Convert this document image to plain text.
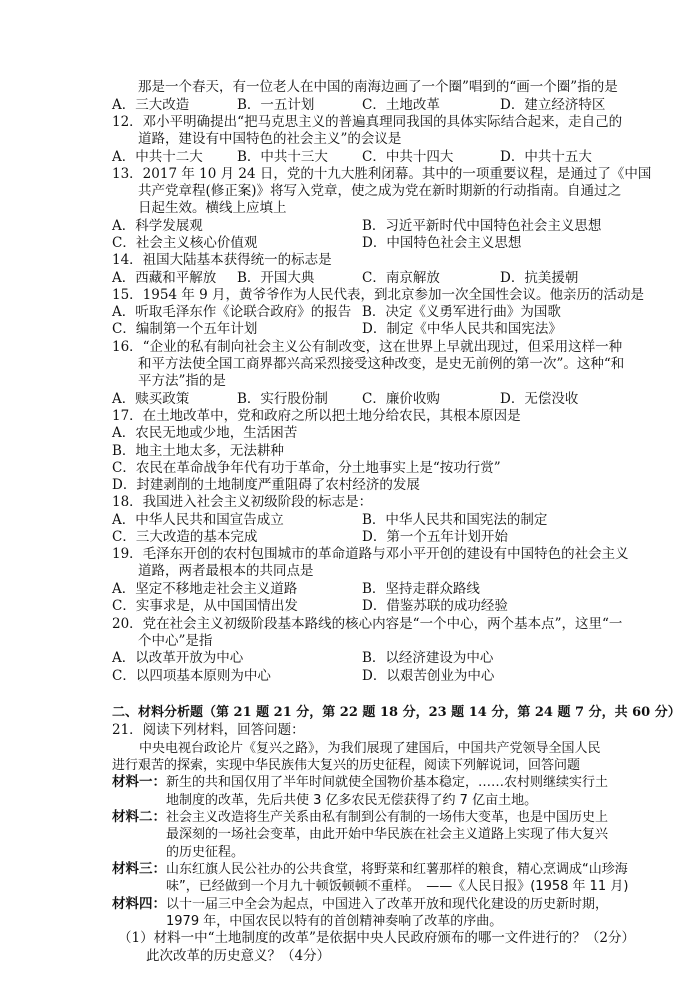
那是一个春天，有一位老人在中国的南海边画了一个圈”唱到的“画一个圈”指的是
A．三大改造	B．一五计划	C．土地改革	D．建立经济特区
12．邓小平明确提出“把马克思主义的普遍真理同我国的具体实际结合起来，走自己的
道路，建设有中国特色的社会主义”的会议是
A．中共十二大	B．中共十三大	C．中共十四大	D．中共十五大
13．2017 年 10 月 24 日，党的十九大胜利闭幕。其中的一项重要议程，是通过了《中国
共产党章程(修正案)》将写入党章，使之成为党在新时期新的行动指南。自通过之
日起生效。横线上应填上
A．科学发展观	B．习近平新时代中国特色社会主义思想
C．社会主义核心价值观	D．中国特色社会主义思想
14．祖国大陆基本获得统一的标志是
A．西藏和平解放 B．开国大典	C．南京解放	D．抗美援朝
15．1954 年 9 月，黄爷爷作为人民代表，到北京参加一次全国性会议。他亲历的活动是
A．听取毛泽东作《论联合政府》的报告 B．决定《义勇军进行曲》为国歌
C．编制第一个五年计划	D．制定《中华人民共和国宪法》
16．“企业的私有制向社会主义公有制改变，这在世界上早就出现过，但采用这样一种
和平方法使全国工商界都兴高采烈接受这种改变，是史无前例的第一次”。这种“和
平方法”指的是
A．赎买政策	B．实行股份制	C．廉价收购	D．无偿没收
17．在土地改革中，党和政府之所以把土地分给农民，其根本原因是
A．农民无地或少地，生活困苦
B．地主土地太多，无法耕种
C．农民在革命战争年代有功于革命，分土地事实上是“按功行赏”
D．封建剥削的土地制度严重阻碍了农村经济的发展
18．我国进入社会主义初级阶段的标志是：
A．中华人民共和国宣告成立	B．中华人民共和国宪法的制定
C．三大改造的基本完成	D．第一个五年计划开始
19．毛泽东开创的农村包围城市的革命道路与邓小平开创的建设有中国特色的社会主义
道路，两者最根本的共同点是
A．坚定不移地走社会主义道路	B．坚持走群众路线
C．实事求是，从中国国情出发	D．借鉴苏联的成功经验
20．党在社会主义初级阶段基本路线的核心内容是“一个中心，两个基本点”，这里“一
个中心”是指
A．以改革开放为中心	B．以经济建设为中心
C．以四项基本原则为中心	D．以艰苦创业为中心
二、材料分析题（第 21 题 21 分，第 22 题 18 分，23 题 14 分，第 24 题 7 分，共 60 分）
21．阅读下列材料，回答问题：
中央电视台政论片《复兴之路》，为我们展现了建国后，中国共产党领导全国人民
进行艰苦的探索，实现中华民族伟大复兴的历史征程，阅读下列解说词，回答问题
材料一： 新生的共和国仅用了半年时间就使全国物价基本稳定，……农村则继续实行土
地制度的改革，先后共使 3 亿多农民无偿获得了约 7 亿亩土地。
材料二： 社会主义改造将生产关系由私有制到公有制的一场伟大变革，也是中国历史上
最深刻的一场社会变革，由此开始中华民族在社会主义道路上实现了伟大复兴
的历史征程。
材料三： 山东红旗人民公社办的公共食堂，将野菜和红薯那样的粮食，精心烹调成“山珍海
味”，已经做到一个月九十顿饭顿顿不重样。　——《人民日报》(1958 年 11 月)
材料四： 以十一届三中全会为起点，中国进入了改革开放和现代化建设的历史新时期，
1979 年，中国农民以特有的首创精神奏响了改革的序曲。
（1）材料一中“土地制度的改革”是依据中央人民政府颁布的哪一文件进行的？（2分）
此次改革的历史意义？（4分）
